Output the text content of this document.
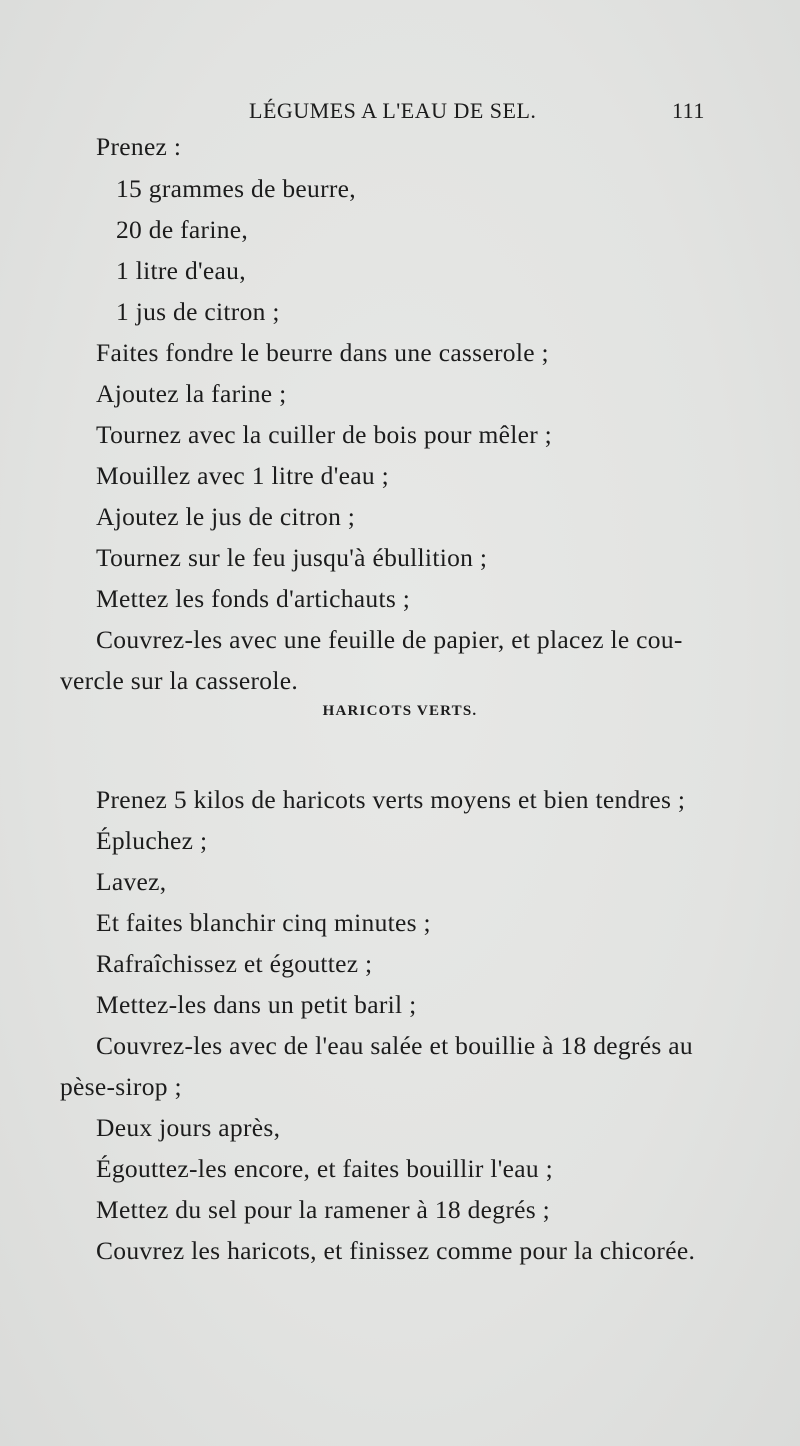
LÉGUMES A L'EAU DE SEL.	111
Prenez :
15 grammes de beurre,
20 de farine,
1 litre d'eau,
1 jus de citron ;
Faites fondre le beurre dans une casserole ;
Ajoutez la farine ;
Tournez avec la cuiller de bois pour mêler ;
Mouillez avec 1 litre d'eau ;
Ajoutez le jus de citron ;
Tournez sur le feu jusqu'à ébullition ;
Mettez les fonds d'artichauts ;
Couvrez-les avec une feuille de papier, et placez le cou-
vercle sur la casserole.
HARICOTS VERTS.
Prenez 5 kilos de haricots verts moyens et bien tendres ;
Épluchez ;
Lavez,
Et faites blanchir cinq minutes ;
Rafraîchissez et égouttez ;
Mettez-les dans un petit baril ;
Couvrez-les avec de l'eau salée et bouillie à 18 degrés au
pèse-sirop ;
Deux jours après,
Égouttez-les encore, et faites bouillir l'eau ;
Mettez du sel pour la ramener à 18 degrés ;
Couvrez les haricots, et finissez comme pour la chicorée.
